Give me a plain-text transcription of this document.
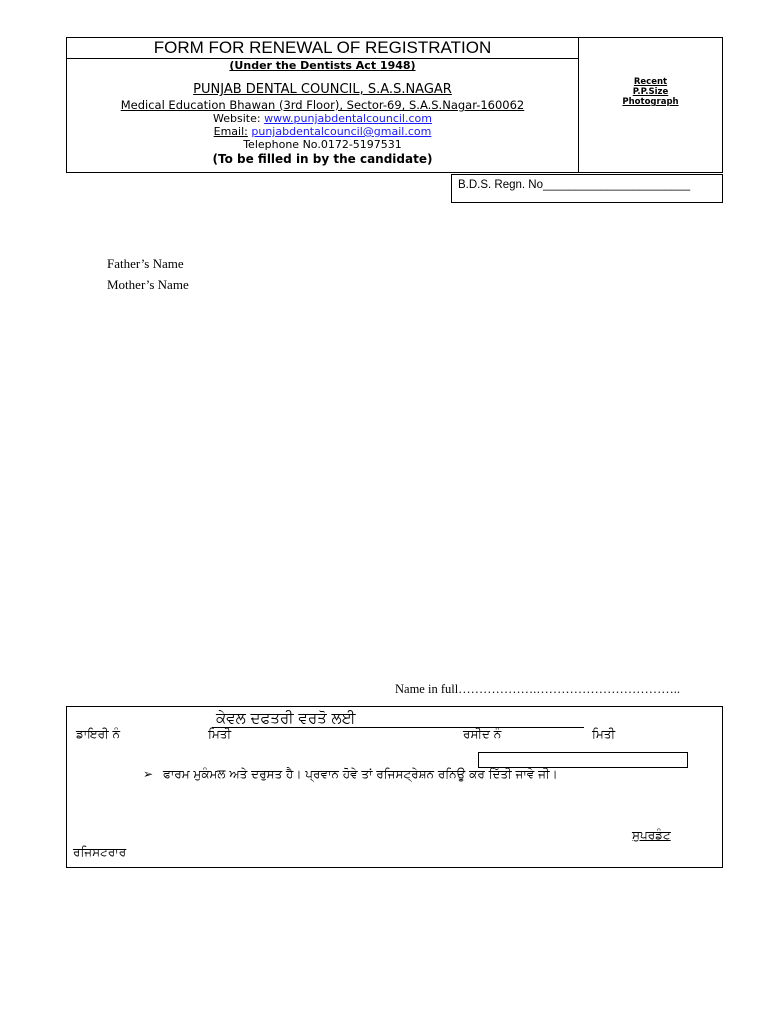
FORM FOR RENEWAL OF REGISTRATION
(Under the Dentists Act 1948)
PUNJAB DENTAL COUNCIL, S.A.S.NAGAR
Medical Education Bhawan (3rd Floor), Sector-69, S.A.S.Nagar-160062
Website: www.punjabdentalcouncil.com
Email: punjabdentalcouncil@gmail.com
Telephone No.0172-5197531
(To be filled in by the candidate)
Recent
P.P.Size
Photograph
B.D.S. Regn. No_______________________
Father’s Name
Mother’s Name
Name in full……………….……………………………..
ਕੇਵਲ ਦਫਤਰੀ ਵਰਤੋ ਲਈ
ਡਾਇਰੀ ਨੰ	ਮਿਤੀ	ਰਸੀਦ ਨੰ	ਮਿਤੀ
➢ ਫਾਰਮ ਮੁਕੰਮਲ ਅਤੇ ਦਰੁਸਤ ਹੈ। ਪ੍ਰਵਾਨ ਹੋਵੇ ਤਾਂ ਰਜਿਸਟ੍ਰੇਸ਼ਨ ਰਨਿਊ ਕਰ ਦਿੱਤੀ ਜਾਵੇ ਜੀ।
ਸੁਪਰਡੰਟ
ਰਜਿਸਟਰਾਰ
